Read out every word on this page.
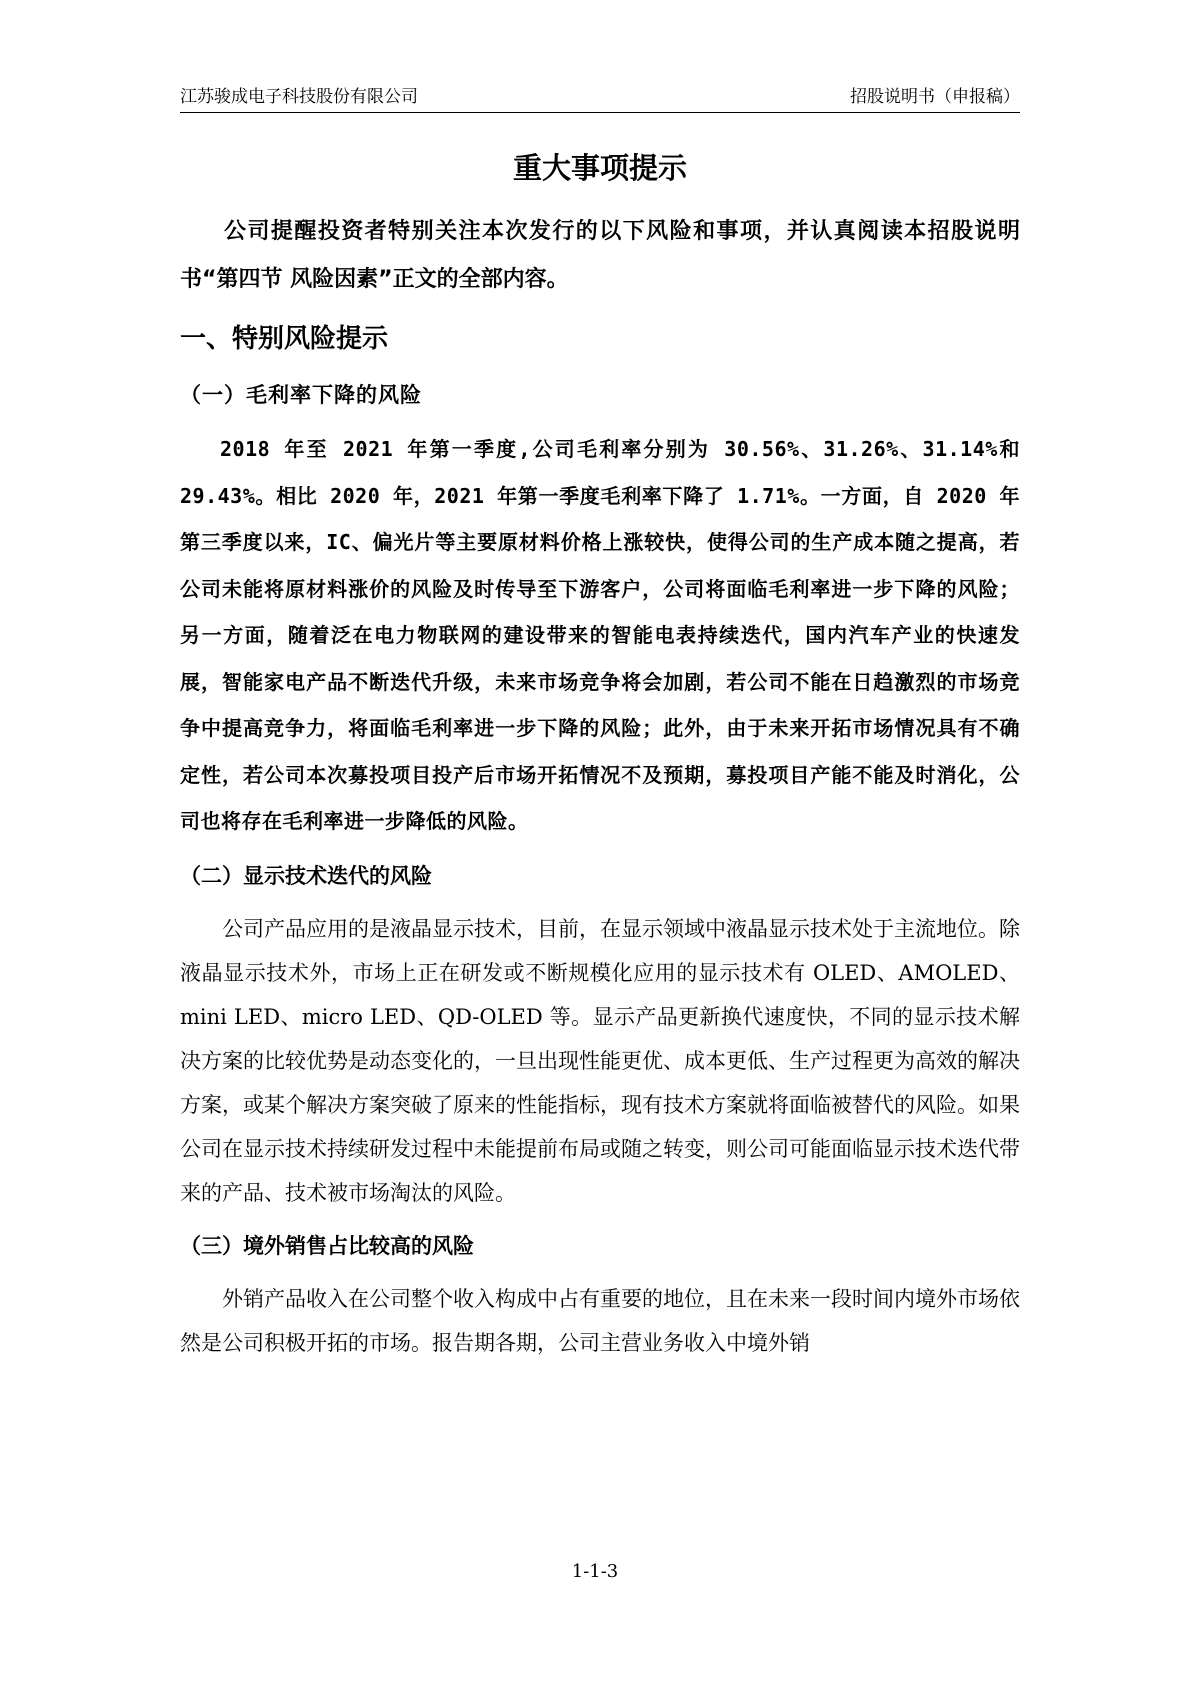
江苏骏成电子科技股份有限公司	招股说明书（申报稿）
重大事项提示

公司提醒投资者特别关注本次发行的以下风险和事项，并认真阅读本招股说明书“第四节 风险因素”正文的全部内容。

一、特别风险提示
（一）毛利率下降的风险

2018 年至 2021 年第一季度,公司毛利率分别为 30.56%、31.26%、31.14%和 29.43%。相比 2020 年，2021 年第一季度毛利率下降了 1.71%。一方面，自 2020 年第三季度以来，IC、偏光片等主要原材料价格上涨较快，使得公司的生产成本随之提高，若公司未能将原材料涨价的风险及时传导至下游客户，公司将面临毛利率进一步下降的风险；另一方面，随着泛在电力物联网的建设带来的智能电表持续迭代，国内汽车产业的快速发展，智能家电产品不断迭代升级，未来市场竞争将会加剧，若公司不能在日趋激烈的市场竞争中提高竞争力，将面临毛利率进一步下降的风险；此外，由于未来开拓市场情况具有不确定性，若公司本次募投项目投产后市场开拓情况不及预期，募投项目产能不能及时消化，公司也将存在毛利率进一步降低的风险。

（二）显示技术迭代的风险

公司产品应用的是液晶显示技术，目前，在显示领域中液晶显示技术处于主流地位。除液晶显示技术外，市场上正在研发或不断规模化应用的显示技术有 OLED、AMOLED、mini LED、micro LED、QD-OLED 等。显示产品更新换代速度快，不同的显示技术解决方案的比较优势是动态变化的，一旦出现性能更优、成本更低、生产过程更为高效的解决方案，或某个解决方案突破了原来的性能指标，现有技术方案就将面临被替代的风险。如果公司在显示技术持续研发过程中未能提前布局或随之转变，则公司可能面临显示技术迭代带来的产品、技术被市场淘汰的风险。

（三）境外销售占比较高的风险

外销产品收入在公司整个收入构成中占有重要的地位，且在未来一段时间内境外市场依然是公司积极开拓的市场。报告期各期，公司主营业务收入中境外销

1-1-3
